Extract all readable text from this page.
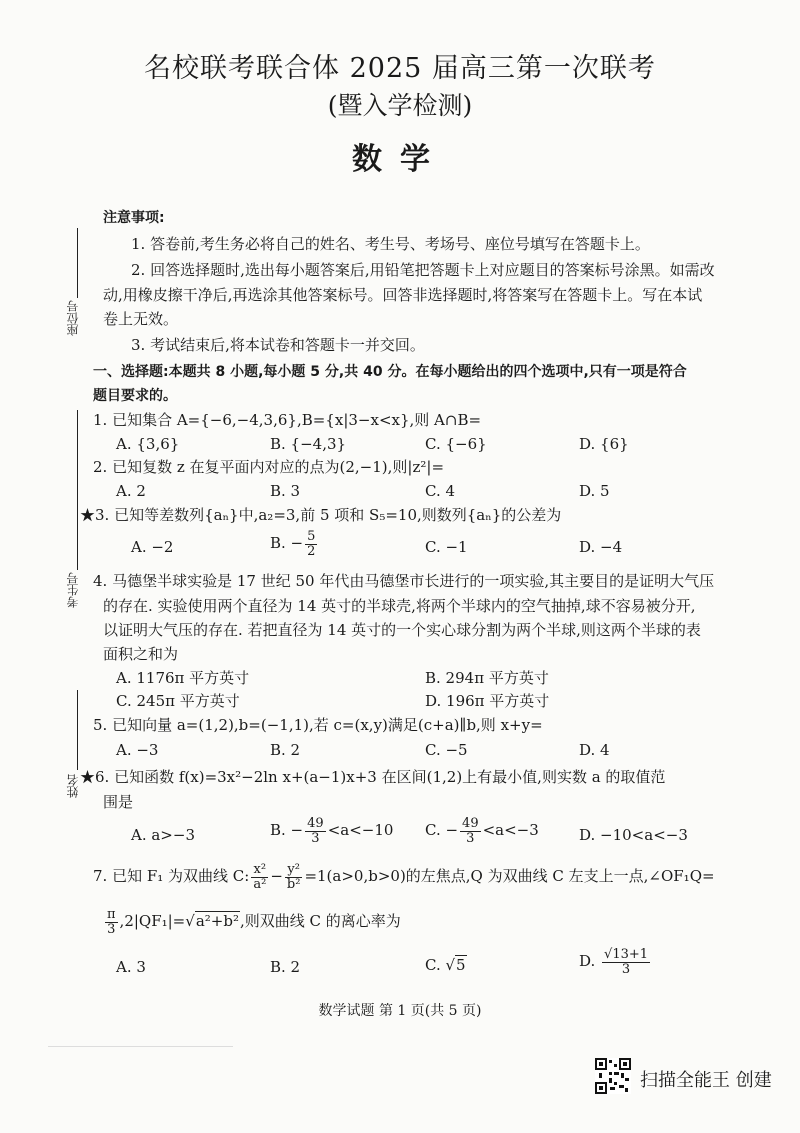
名校联考联合体 2025 届高三第一次联考
(暨入学检测)
数学
座位号
考生号
姓名
注意事项:
1. 答卷前,考生务必将自己的姓名、考生号、考场号、座位号填写在答题卡上。
2. 回答选择题时,选出每小题答案后,用铅笔把答题卡上对应题目的答案标号涂黑。如需改
动,用橡皮擦干净后,再选涂其他答案标号。回答非选择题时,将答案写在答题卡上。写在本试
卷上无效。
3. 考试结束后,将本试卷和答题卡一并交回。
一、选择题:本题共 8 小题,每小题 5 分,共 40 分。在每小题给出的四个选项中,只有一项是符合
题目要求的。
1. 已知集合 A={−6,−4,3,6},B={x|3−x<x},则 A∩B=
A. {3,6}	B. {−4,3}	C. {−6}	D. {6}
2. 已知复数 z 在复平面内对应的点为(2,−1),则|z²|=
A. 2	B. 3	C. 4	D. 5
★3. 已知等差数列{aₙ}中,a₂=3,前 5 项和 S₅=10,则数列{aₙ}的公差为
A. −2	B. − $\frac{5}{2}$	C. −1	D. −4
4. 马德堡半球实验是 17 世纪 50 年代由马德堡市长进行的一项实验,其主要目的是证明大气压
的存在. 实验使用两个直径为 14 英寸的半球壳,将两个半球内的空气抽掉,球不容易被分开,
以证明大气压的存在. 若把直径为 14 英寸的一个实心球分割为两个半球,则这两个半球的表
面积之和为
A. 1176π 平方英寸	B. 294π 平方英寸
C. 245π 平方英寸	D. 196π 平方英寸
5. 已知向量 a=(1,2),b=(−1,1),若 c=(x,y)满足(c+a)∥b,则 x+y=
A. −3	B. 2	C. −5	D. 4
★6. 已知函数 f(x)=3x²−2ln x+(a−1)x+3 在区间(1,2)上有最小值,则实数 a 的取值范
围是
A. a>−3	B. − $\frac{49}{3} <a<-10$ C. − $\frac{49}{3} <a<-3$	D. −10<a<−3
7. 已知 F₁ 为双曲线 C: $\frac{\text{x²}}{\text{a²}} - \frac{\text{y²}}{\text{b²}} =1(a>0,b>0)$的左焦点,Q 为双曲线 C 左支上一点,∠OF₁Q=
$\frac{\pi}{3} ,2|QF_1|=√a^2+b^2$,则双曲线 C 的离心率为
A. 3	B. 2	C. √5	D. $\frac{√13+1}{3}$
数学试题 第 1 页(共 5 页)
扫描全能王 创建
